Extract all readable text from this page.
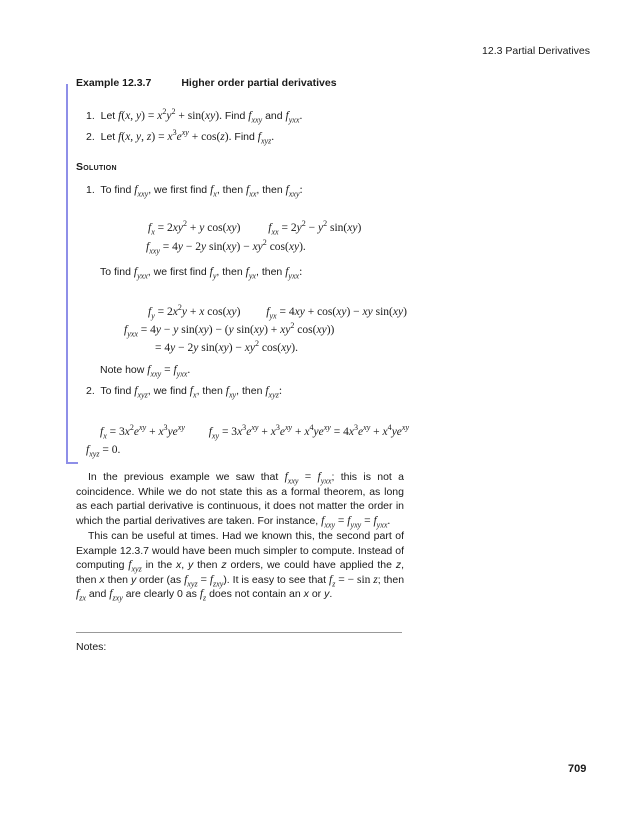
12.3 Partial Derivatives
Example 12.3.7	Higher order partial derivatives
1. Let f(x, $y) = x^2y^2 + \sin(xy)$. Find $f_{xxy}$ and $f_{yxx}$.
2. Let f(x, y, $z) = x^3e^{xy} + \cos(z)$. Find $f_{xyz}$.
Solution
1. To find $f_{xxy}$, we first find $f_x$, then $f_{xx}$, then $f_{xxy}$:
$f_x = 2xy^2 + y$ cos(xy)  $f_{xx} = 2y^2 - y^2$ sin(xy)
$f_{xxy} = 4y - 2y$ $\sin(xy) - xy^2$ cos(xy).
To find $f_{yxx}$, we first find $f_y$, then $f_{yx}$, then $f_{yxx}$:
$f_y = 2x^2y + x$ cos(xy)  $f_{yx} = 4xy + \cos(xy)$ − xy sin(xy)
$f_{yxx} = 4y - y$ sin(xy) − (y $\sin(xy) + xy^2$ cos(xy))
= 4y − 2y $\sin(xy) - xy^2$ cos(xy).
Note how $f_{xxy} = f_{yxx}$.
2. To find $f_{xyz}$, we find $f_x$, then $f_{xy}$, then $f_{xyz}$:
$f_x = 3x^2e^{xy} + x^3ye^{xy}$ $f_{xy} = 3x^3e^{xy} + x^3e^{xy} + x^4ye^{xy} = 4x^3e^{xy} + x^4ye^{xy}$
$f_{xyz} = 0$.
In the previous example we saw that $f_{xxy} = f_{yxx}$; this is not a coincidence. While we do not state this as a formal theorem, as long as each partial derivative is continuous, it does not matter the order in which the partial derivatives are taken. For instance, $f_{xxy} = f_{yxy} = f_{yxx}$.
This can be useful at times. Had we known this, the second part of Example 12.3.7 would have been much simpler to compute. Instead of computing $f_{xyz}$ in the x, y then z orders, we could have applied the z, then x then y order (as $f_{xyz} = f_{zxy}$). It is easy to see that $f_z$ = − sin z; then $f_{zx}$ and $f_{zxy}$ are clearly 0 as $f_z$ does not contain an x or y.
Notes:
709
